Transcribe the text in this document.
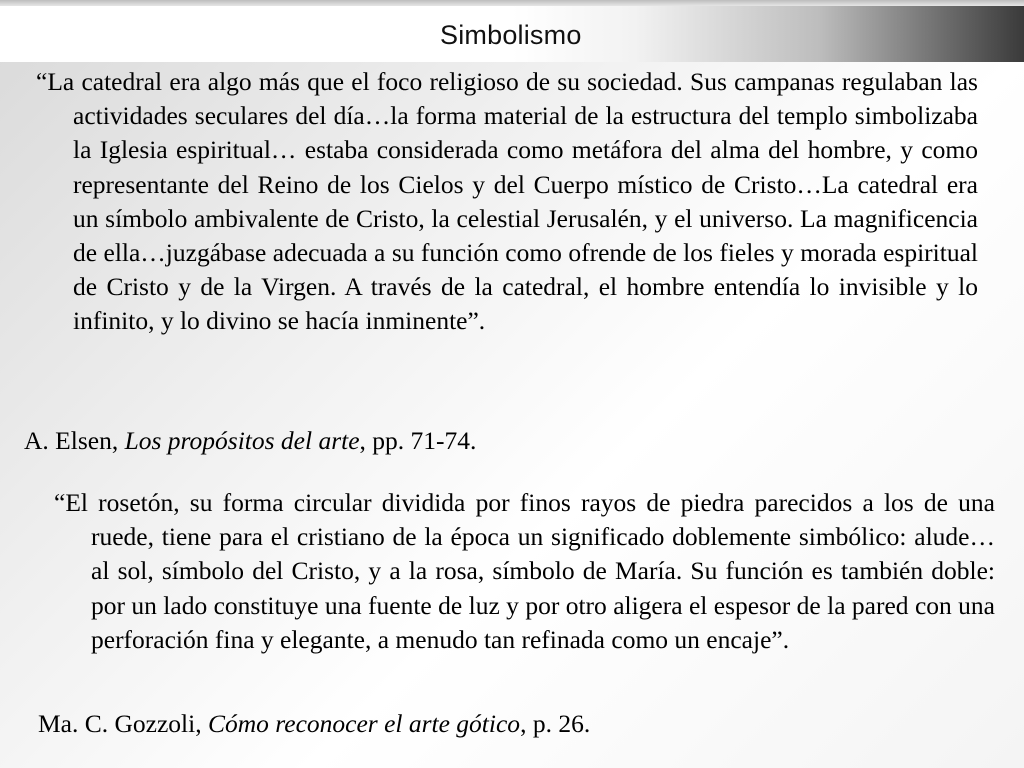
Simbolismo

“La catedral era algo más que el foco religioso de su sociedad. Sus campanas regulaban las actividades seculares del día…la forma material de la estructura del templo simbolizaba la Iglesia espiritual… estaba considerada como metáfora del alma del hombre, y como representante del Reino de los Cielos y del Cuerpo místico de Cristo…La catedral era un símbolo ambivalente de Cristo, la celestial Jerusalén, y el universo. La magnificencia de ella…juzgábase adecuada a su función como ofrende de los fieles y morada espiritual de Cristo y de la Virgen. A través de la catedral, el hombre entendía lo invisible y lo infinito, y lo divino se hacía inminente”.

A. Elsen, Los propósitos del arte, pp. 71-74.

“El rosetón, su forma circular dividida por finos rayos de piedra parecidos a los de una ruede, tiene para el cristiano de la época un significado doblemente simbólico: alude…al sol, símbolo del Cristo, y a la rosa, símbolo de María. Su función es también doble: por un lado constituye una fuente de luz y por otro aligera el espesor de la pared con una perforación fina y elegante, a menudo tan refinada como un encaje”.

Ma. C. Gozzoli, Cómo reconocer el arte gótico, p. 26.
